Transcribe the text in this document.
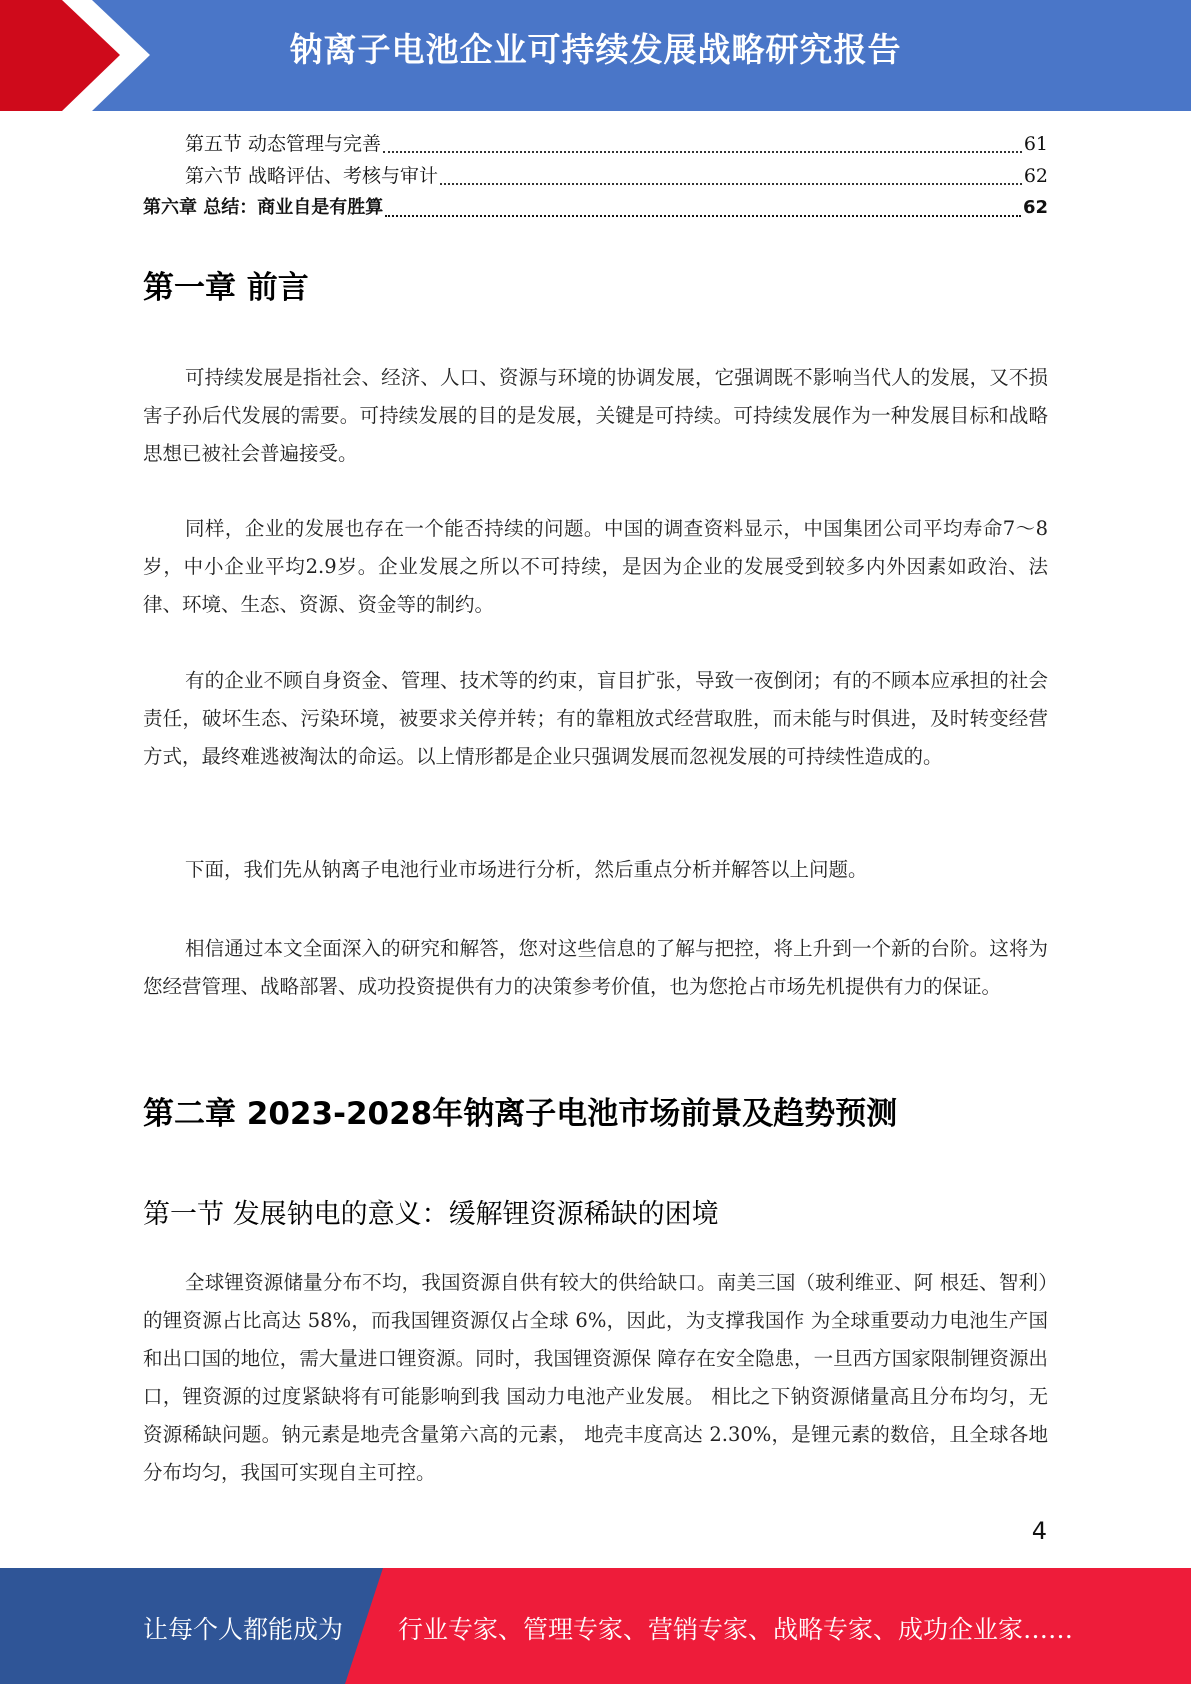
钠离子电池企业可持续发展战略研究报告
第五节 动态管理与完善	61
第六节 战略评估、考核与审计	62
第六章 总结：商业自是有胜算	62
第一章 前言
可持续发展是指社会、经济、人口、资源与环境的协调发展，它强调既不影响当代人的发展，又不损害子孙后代发展的需要。可持续发展的目的是发展，关键是可持续。可持续发展作为一种发展目标和战略思想已被社会普遍接受。
同样，企业的发展也存在一个能否持续的问题。中国的调查资料显示，中国集团公司平均寿命7～8岁，中小企业平均2.9岁。企业发展之所以不可持续，是因为企业的发展受到较多内外因素如政治、法律、环境、生态、资源、资金等的制约。
有的企业不顾自身资金、管理、技术等的约束，盲目扩张，导致一夜倒闭；有的不顾本应承担的社会责任，破坏生态、污染环境，被要求关停并转；有的靠粗放式经营取胜，而未能与时俱进，及时转变经营方式，最终难逃被淘汰的命运。以上情形都是企业只强调发展而忽视发展的可持续性造成的。
下面，我们先从钠离子电池行业市场进行分析，然后重点分析并解答以上问题。
相信通过本文全面深入的研究和解答，您对这些信息的了解与把控，将上升到一个新的台阶。这将为您经营管理、战略部署、成功投资提供有力的决策参考价值，也为您抢占市场先机提供有力的保证。
第二章 2023-2028年钠离子电池市场前景及趋势预测
第一节 发展钠电的意义：缓解锂资源稀缺的困境
全球锂资源储量分布不均，我国资源自供有较大的供给缺口。南美三国（玻利维亚、阿 根廷、智利）的锂资源占比高达 58%，而我国锂资源仅占全球 6%，因此，为支撑我国作 为全球重要动力电池生产国和出口国的地位，需大量进口锂资源。同时，我国锂资源保 障存在安全隐患，一旦西方国家限制锂资源出口，锂资源的过度紧缺将有可能影响到我 国动力电池产业发展。 相比之下钠资源储量高且分布均匀，无资源稀缺问题。钠元素是地壳含量第六高的元素， 地壳丰度高达 2.30%，是锂元素的数倍，且全球各地分布均匀，我国可实现自主可控。
4
让每个人都能成为 行业专家、管理专家、营销专家、战略专家、成功企业家……
